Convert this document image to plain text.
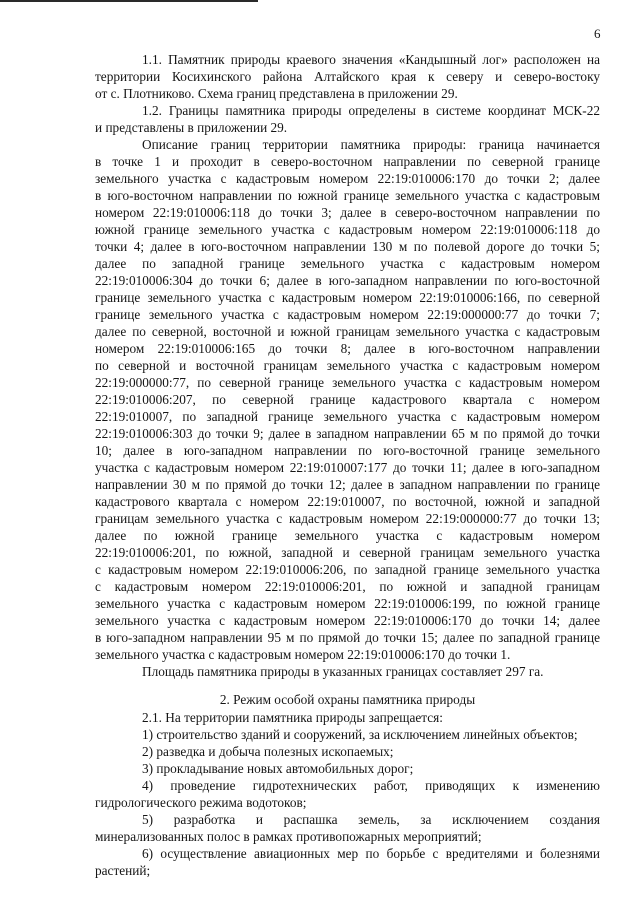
6
1.1. Памятник природы краевого значения «Кандышный лог» расположен на
территории Косихинского района Алтайского края к северу и северо-востоку
от с. Плотниково. Схема границ представлена в приложении 29.
1.2. Границы памятника природы определены в системе координат МСК-22
и представлены в приложении 29.
Описание границ территории памятника природы: граница начинается
в точке 1 и проходит в северо-восточном направлении по северной границе
земельного участка с кадастровым номером 22:19:010006:170 до точки 2; далее
в юго-восточном направлении по южной границе земельного участка с кадастровым
номером 22:19:010006:118 до точки 3; далее в северо-восточном направлении по
южной границе земельного участка с кадастровым номером 22:19:010006:118 до
точки 4; далее в юго-восточном направлении 130 м по полевой дороге до точки 5;
далее по западной границе земельного участка с кадастровым номером
22:19:010006:304 до точки 6; далее в юго-западном направлении по юго-восточной
границе земельного участка с кадастровым номером 22:19:010006:166, по северной
границе земельного участка с кадастровым номером 22:19:000000:77 до точки 7;
далее по северной, восточной и южной границам земельного участка с кадастровым
номером 22:19:010006:165 до точки 8; далее в юго-восточном направлении
по северной и восточной границам земельного участка с кадастровым номером
22:19:000000:77, по северной границе земельного участка с кадастровым номером
22:19:010006:207, по северной границе кадастрового квартала с номером
22:19:010007, по западной границе земельного участка с кадастровым номером
22:19:010006:303 до точки 9; далее в западном направлении 65 м по прямой до точки
10; далее в юго-западном направлении по юго-восточной границе земельного
участка с кадастровым номером 22:19:010007:177 до точки 11; далее в юго-западном
направлении 30 м по прямой до точки 12; далее в западном направлении по границе
кадастрового квартала с номером 22:19:010007, по восточной, южной и западной
границам земельного участка с кадастровым номером 22:19:000000:77 до точки 13;
далее по южной границе земельного участка с кадастровым номером
22:19:010006:201, по южной, западной и северной границам земельного участка
с кадастровым номером 22:19:010006:206, по западной границе земельного участка
с кадастровым номером 22:19:010006:201, по южной и западной границам
земельного участка с кадастровым номером 22:19:010006:199, по южной границе
земельного участка с кадастровым номером 22:19:010006:170 до точки 14; далее
в юго-западном направлении 95 м по прямой до точки 15; далее по западной границе
земельного участка с кадастровым номером 22:19:010006:170 до точки 1.
Площадь памятника природы в указанных границах составляет 297 га.
2. Режим особой охраны памятника природы
2.1. На территории памятника природы запрещается:
1) строительство зданий и сооружений, за исключением линейных объектов;
2) разведка и добыча полезных ископаемых;
3) прокладывание новых автомобильных дорог;
4) проведение гидротехнических работ, приводящих к изменению
гидрологического режима водотоков;
5) разработка и распашка земель, за исключением создания
минерализованных полос в рамках противопожарных мероприятий;
6) осуществление авиационных мер по борьбе с вредителями и болезнями
растений;
